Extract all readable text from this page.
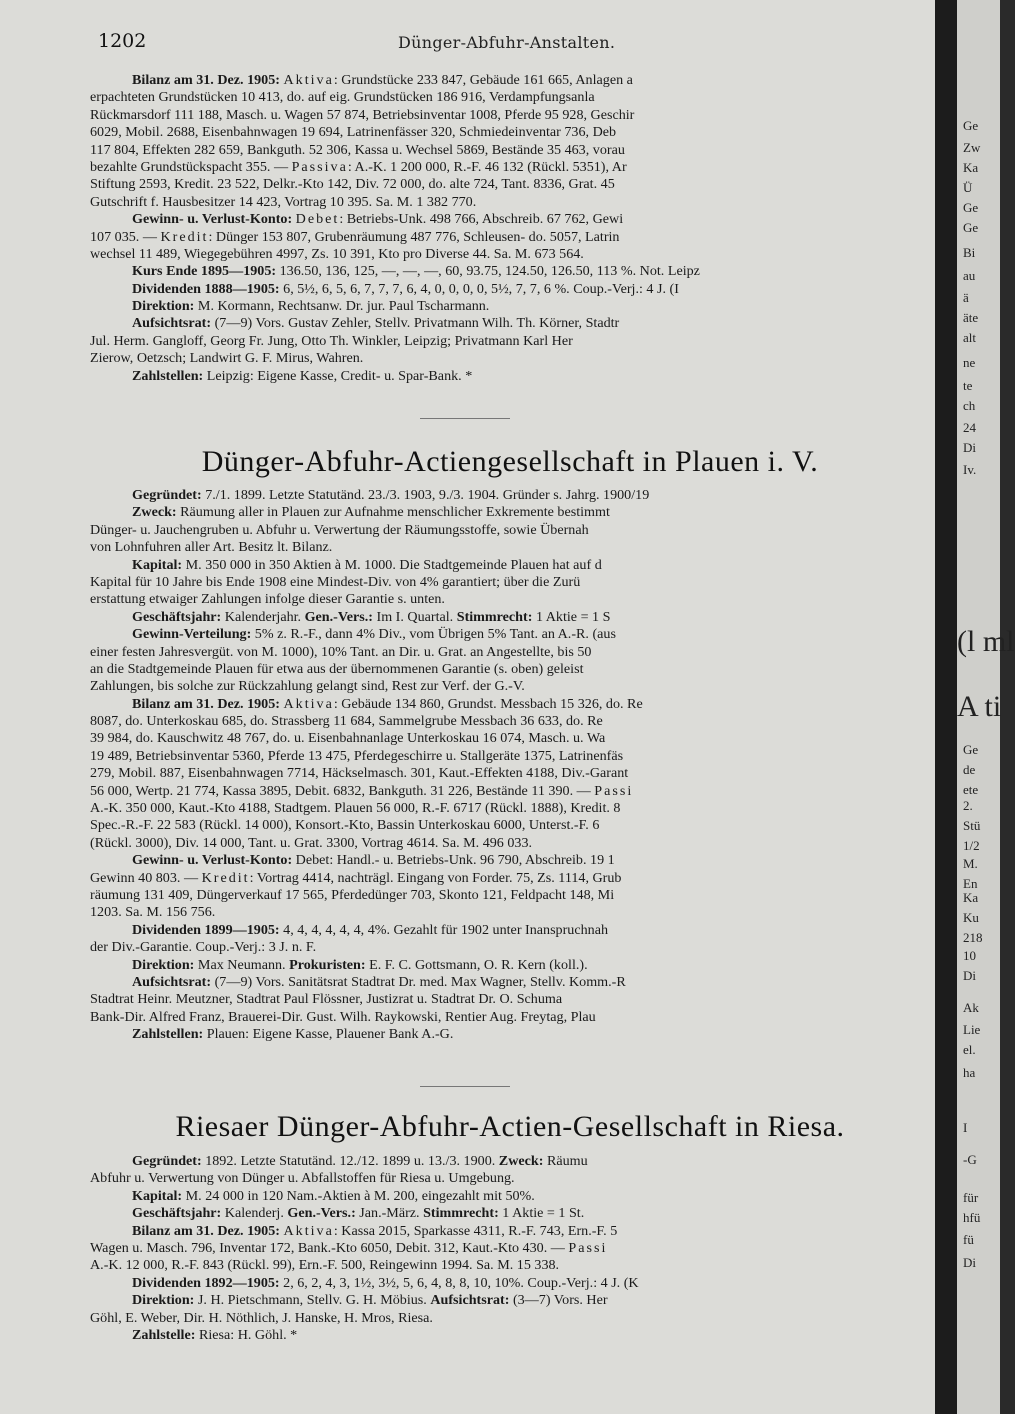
1202	Dünger-Abfuhr-Anstalten.
Bilanz am 31. Dez. 1905: Aktiva: Grundstücke 233 847, Gebäude 161 665, Anlagen a
erpachteten Grundstücken 10 413, do. auf eig. Grundstücken 186 916, Verdampfungsanla
Rückmarsdorf 111 188, Masch. u. Wagen 57 874, Betriebsinventar 1008, Pferde 95 928, Geschir
6029, Mobil. 2688, Eisenbahnwagen 19 694, Latrinenfässer 320, Schmiedeinventar 736, Deb
117 804, Effekten 282 659, Bankguth. 52 306, Kassa u. Wechsel 5869, Bestände 35 463, vorau
bezahlte Grundstückspacht 355. — Passiva: A.-K. 1 200 000, R.-F. 46 132 (Rückl. 5351), Ar
Stiftung 2593, Kredit. 23 522, Delkr.-Kto 142, Div. 72 000, do. alte 724, Tant. 8336, Grat. 45
Gutschrift f. Hausbesitzer 14 423, Vortrag 10 395. Sa. M. 1 382 770.
Gewinn- u. Verlust-Konto: Debet: Betriebs-Unk. 498 766, Abschreib. 67 762, Gewi
107 035. — Kredit: Dünger 153 807, Grubenräumung 487 776, Schleusen- do. 5057, Latrin
wechsel 11 489, Wiegegebühren 4997, Zs. 10 391, Kto pro Diverse 44. Sa. M. 673 564.
Kurs Ende 1895—1905: 136.50, 136, 125, —, —, —, 60, 93.75, 124.50, 126.50, 113 %. Not. Leipz
Dividenden 1888—1905: 6, 5½, 6, 5, 6, 7, 7, 7, 6, 4, 0, 0, 0, 0, 5½, 7, 7, 6 %. Coup.-Verj.: 4 J. (I
Direktion: M. Kormann, Rechtsanw. Dr. jur. Paul Tscharmann.
Aufsichtsrat: (7—9) Vors. Gustav Zehler, Stellv. Privatmann Wilh. Th. Körner, Stadtr
Jul. Herm. Gangloff, Georg Fr. Jung, Otto Th. Winkler, Leipzig; Privatmann Karl Her
Zierow, Oetzsch; Landwirt G. F. Mirus, Wahren.
Zahlstellen: Leipzig: Eigene Kasse, Credit- u. Spar-Bank. *
Dünger-Abfuhr-Actiengesellschaft in Plauen i. V.
Gegründet: 7./1. 1899. Letzte Statutänd. 23./3. 1903, 9./3. 1904. Gründer s. Jahrg. 1900/19
Zweck: Räumung aller in Plauen zur Aufnahme menschlicher Exkremente bestimmt
Dünger- u. Jauchengruben u. Abfuhr u. Verwertung der Räumungsstoffe, sowie Übernah
von Lohnfuhren aller Art. Besitz lt. Bilanz.
Kapital: M. 350 000 in 350 Aktien à M. 1000. Die Stadtgemeinde Plauen hat auf d
Kapital für 10 Jahre bis Ende 1908 eine Mindest-Div. von 4% garantiert; über die Zurü
erstattung etwaiger Zahlungen infolge dieser Garantie s. unten.
Geschäftsjahr: Kalenderjahr. Gen.-Vers.: Im I. Quartal. Stimmrecht: 1 Aktie = 1 S
Gewinn-Verteilung: 5% z. R.-F., dann 4% Div., vom Übrigen 5% Tant. an A.-R. (aus
einer festen Jahresvergüt. von M. 1000), 10% Tant. an Dir. u. Grat. an Angestellte, bis 50
an die Stadtgemeinde Plauen für etwa aus der übernommenen Garantie (s. oben) geleist
Zahlungen, bis solche zur Rückzahlung gelangt sind, Rest zur Verf. der G.-V.
Bilanz am 31. Dez. 1905: Aktiva: Gebäude 134 860, Grundst. Messbach 15 326, do. Re
8087, do. Unterkoskau 685, do. Strassberg 11 684, Sammelgrube Messbach 36 633, do. Re
39 984, do. Kauschwitz 48 767, do. u. Eisenbahnanlage Unterkoskau 16 074, Masch. u. Wa
19 489, Betriebsinventar 5360, Pferde 13 475, Pferdegeschirre u. Stallgeräte 1375, Latrinenfäs
279, Mobil. 887, Eisenbahnwagen 7714, Häckselmasch. 301, Kaut.-Effekten 4188, Div.-Garant
56 000, Wertp. 21 774, Kassa 3895, Debit. 6832, Bankguth. 31 226, Bestände 11 390. — Passi
A.-K. 350 000, Kaut.-Kto 4188, Stadtgem. Plauen 56 000, R.-F. 6717 (Rückl. 1888), Kredit. 8
Spec.-R.-F. 22 583 (Rückl. 14 000), Konsort.-Kto, Bassin Unterkoskau 6000, Unterst.-F. 6
(Rückl. 3000), Div. 14 000, Tant. u. Grat. 3300, Vortrag 4614. Sa. M. 496 033.
Gewinn- u. Verlust-Konto: Debet: Handl.- u. Betriebs-Unk. 96 790, Abschreib. 19 1
Gewinn 40 803. — Kredit: Vortrag 4414, nachträgl. Eingang von Forder. 75, Zs. 1114, Grub
räumung 131 409, Düngerverkauf 17 565, Pferdedünger 703, Skonto 121, Feldpacht 148, Mi
1203. Sa. M. 156 756.
Dividenden 1899—1905: 4, 4, 4, 4, 4, 4, 4%. Gezahlt für 1902 unter Inanspruchnah
der Div.-Garantie. Coup.-Verj.: 3 J. n. F.
Direktion: Max Neumann. Prokuristen: E. F. C. Gottsmann, O. R. Kern (koll.).
Aufsichtsrat: (7—9) Vors. Sanitätsrat Stadtrat Dr. med. Max Wagner, Stellv. Komm.-R
Stadtrat Heinr. Meutzner, Stadtrat Paul Flössner, Justizrat u. Stadtrat Dr. O. Schuma
Bank-Dir. Alfred Franz, Brauerei-Dir. Gust. Wilh. Raykowski, Rentier Aug. Freytag, Plau
Zahlstellen: Plauen: Eigene Kasse, Plauener Bank A.-G.
Riesaer Dünger-Abfuhr-Actien-Gesellschaft in Riesa.
Gegründet: 1892. Letzte Statutänd. 12./12. 1899 u. 13./3. 1900. Zweck: Räumu
Abfuhr u. Verwertung von Dünger u. Abfallstoffen für Riesa u. Umgebung.
Kapital: M. 24 000 in 120 Nam.-Aktien à M. 200, eingezahlt mit 50%.
Geschäftsjahr: Kalenderj. Gen.-Vers.: Jan.-März. Stimmrecht: 1 Aktie = 1 St.
Bilanz am 31. Dez. 1905: Aktiva: Kassa 2015, Sparkasse 4311, R.-F. 743, Ern.-F. 5
Wagen u. Masch. 796, Inventar 172, Bank.-Kto 6050, Debit. 312, Kaut.-Kto 430. — Passi
A.-K. 12 000, R.-F. 843 (Rückl. 99), Ern.-F. 500, Reingewinn 1994. Sa. M. 15 338.
Dividenden 1892—1905: 2, 6, 2, 4, 3, 1½, 3½, 5, 6, 4, 8, 8, 10, 10%. Coup.-Verj.: 4 J. (K
Direktion: J. H. Pietschmann, Stellv. G. H. Möbius. Aufsichtsrat: (3—7) Vors. Her
Göhl, E. Weber, Dir. H. Nöthlich, J. Hanske, H. Mros, Riesa.
Zahlstelle: Riesa: H. Göhl. *
Ge
Zw
Ka
Ü
Ge
Ge
Bi
au
ä
äte
alt
ne
te
ch
24
Di
Iv.
(l ml
A ti
Ge
de
ete
2.
Stü
1/2
M.
En
Ka
Ku
218
10
Di
Ak
Lie
el.
ha
I
-G
für
hfü
fü
Di
